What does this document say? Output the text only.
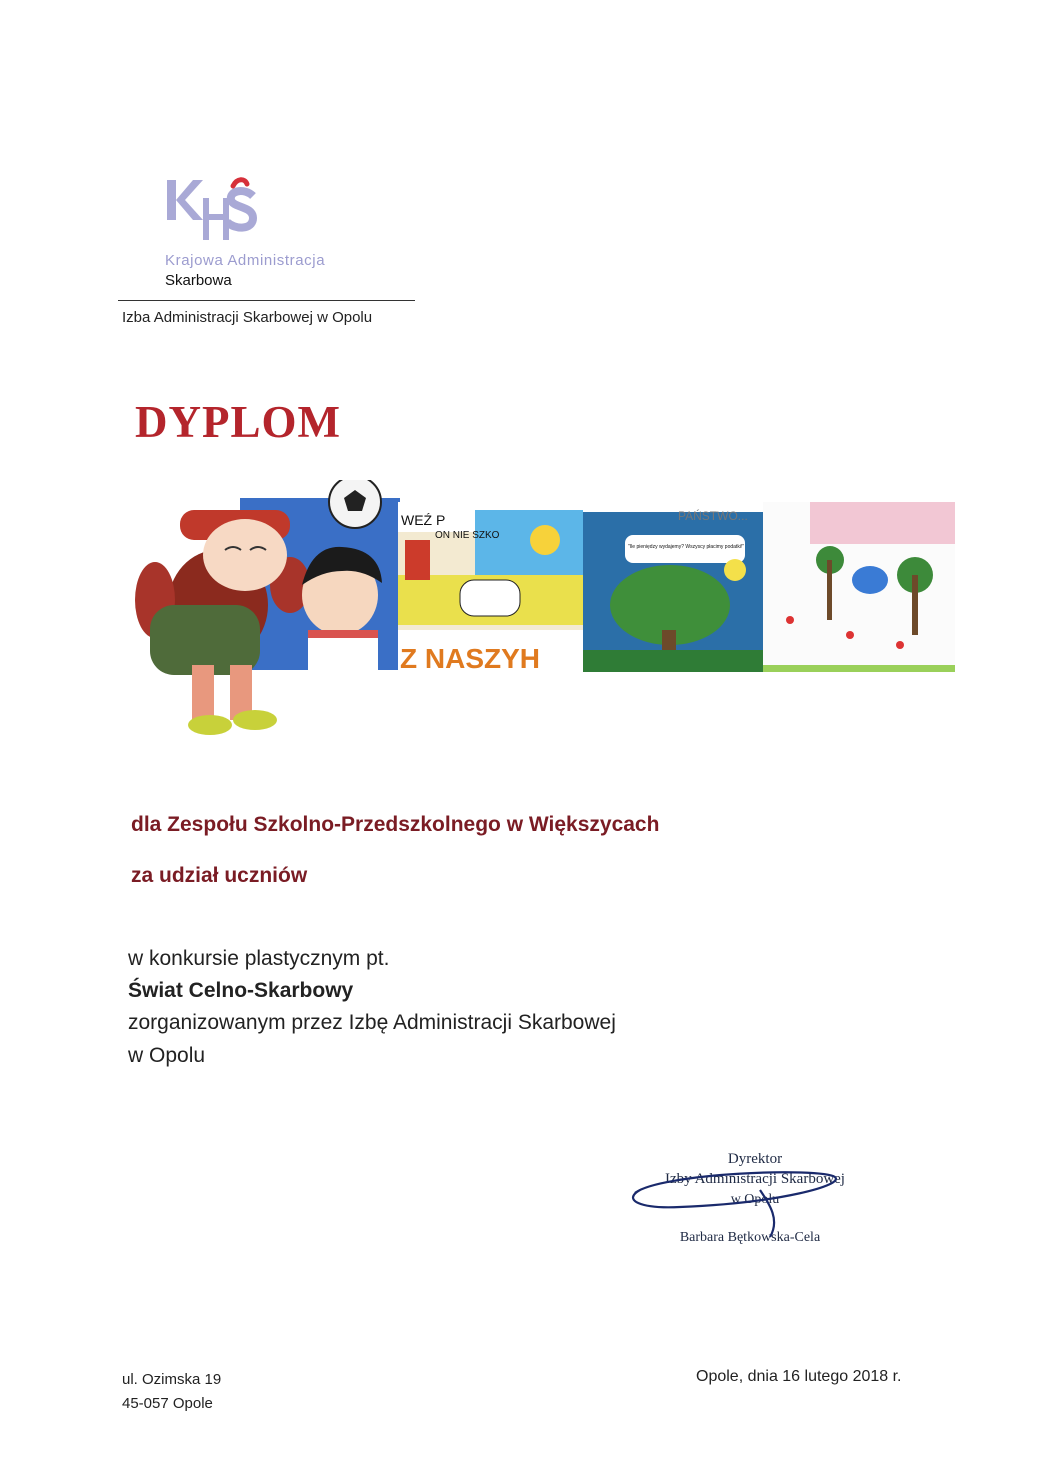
Krajowa Administracja
Skarbowa
Izba Administracji Skarbowej w Opolu
DYPLOM
WEŹ P
ON NIE SZKO
Z NASZYH
"Ile pieniędzy wydajemy? Wszyscy płacimy podatki!"
PAŃSTWO...
dla Zespołu Szkolno-Przedszkolnego w Większycach
za udział uczniów
w konkursie plastycznym pt.
Świat Celno-Skarbowy
zorganizowanym przez Izbę Administracji Skarbowej
w Opolu
Dyrektor
Izby Administracji Skarbowej
w Opolu
Barbara Bętkowska-Cela
ul. Ozimska 19
45-057 Opole
Opole, dnia 16 lutego 2018 r.
